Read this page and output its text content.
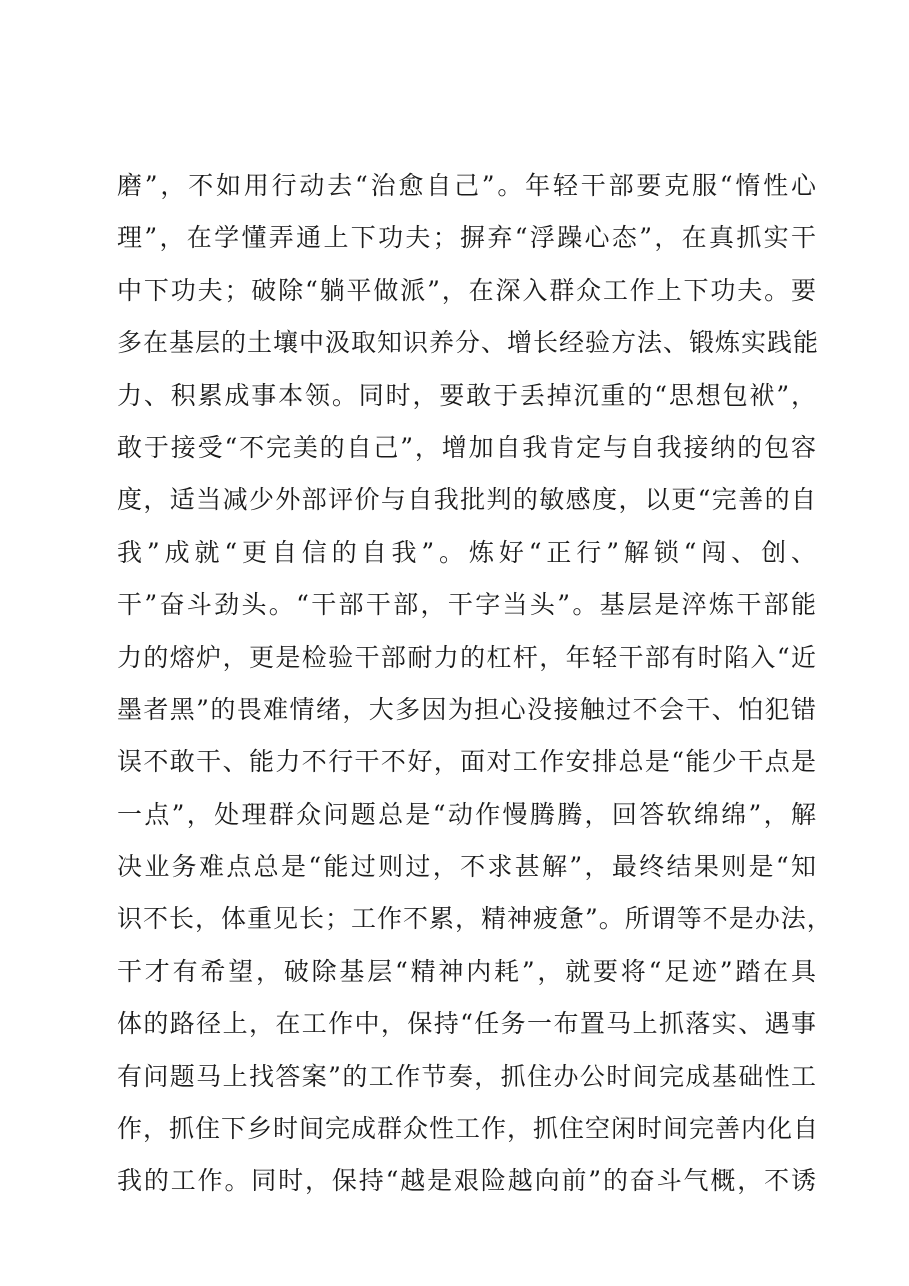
磨”，不如用行动去“治愈自己”。年轻干部要克服“惰性心
理”，在学懂弄通上下功夫；摒弃“浮躁心态”，在真抓实干
中下功夫；破除“躺平做派”，在深入群众工作上下功夫。要
多在基层的土壤中汲取知识养分、增长经验方法、锻炼实践能
力、积累成事本领。同时，要敢于丢掉沉重的“思想包袱”，
敢于接受“不完美的自己”，增加自我肯定与自我接纳的包容
度，适当减少外部评价与自我批判的敏感度，以更“完善的自
我”成就“更自信的自我”。炼好“正行”解锁“闯、创、
干”奋斗劲头。“干部干部，干字当头”。基层是淬炼干部能
力的熔炉，更是检验干部耐力的杠杆，年轻干部有时陷入“近
墨者黑”的畏难情绪，大多因为担心没接触过不会干、怕犯错
误不敢干、能力不行干不好，面对工作安排总是“能少干点是
一点”，处理群众问题总是“动作慢腾腾，回答软绵绵”，解
决业务难点总是“能过则过，不求甚解”，最终结果则是“知
识不长，体重见长；工作不累，精神疲惫”。所谓等不是办法，
干才有希望，破除基层“精神内耗”，就要将“足迹”踏在具
体的路径上，在工作中，保持“任务一布置马上抓落实、遇事
有问题马上找答案”的工作节奏，抓住办公时间完成基础性工
作，抓住下乡时间完成群众性工作，抓住空闲时间完善内化自
我的工作。同时，保持“越是艰险越向前”的奋斗气概，不诱
